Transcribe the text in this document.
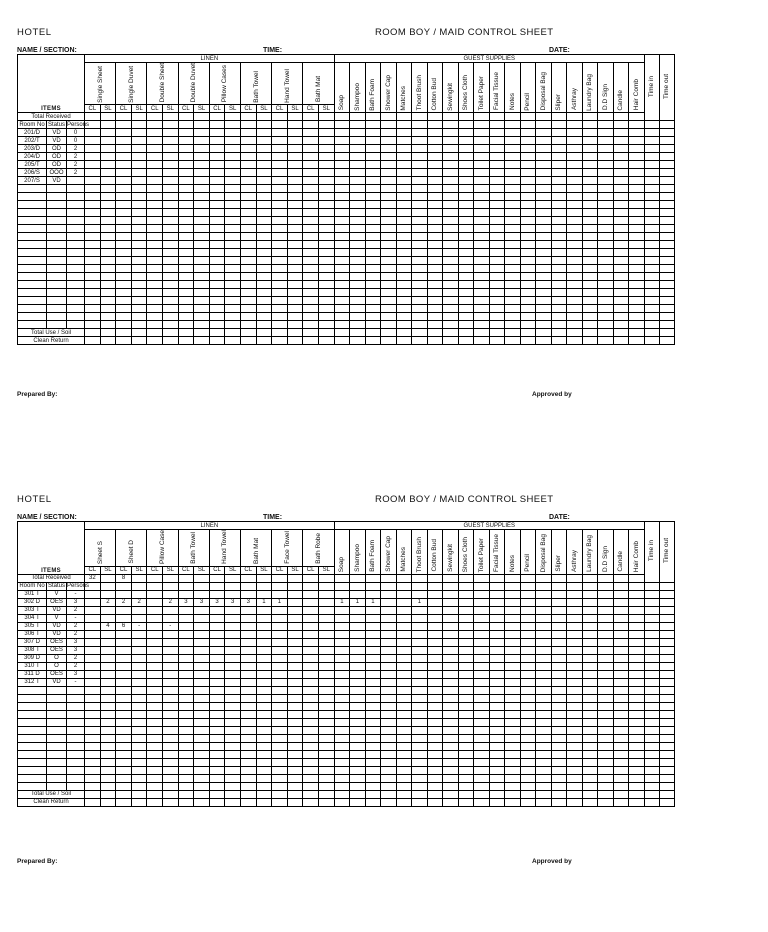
HOTEL	ROOM BOY / MAID CONTROL SHEET
NAME / SECTION:	TIME:	DATE:
ITEMS			LINEN																GUEST SUPPLIES																				Time in	Time out
			Single Sheet		Single Duvet		Double Sheet		Double Duvet		Pillow Cases		Bath Towel		Hand Towel		Bath Mat		Soap	Shampoo	Bath Foam	Shower Cap	Matches	Thoot Brush	Cotton Bud	Sewingkit	Shoes Cloth	Toilet Paper	Facial Tissue	Notes	Pencil	Disposal Bag	Sliper	Asthray	Laundry Bag	D.D Sign	Candle	Hair Comb		
			CL	SL	CL	SL	CL	SL	CL	SL	CL	SL	CL	SL	CL	SL	CL	SL																						
Total Received																																								
Room No	Status	Persons																																						
201/D	VD	0																																						
202/T	VD	0																																						
203/D	OD	2																																						
204/D	OD	2																																						
205/T	OD	2																																						
206/S	OOO	2																																						
207/S	VD																																							

Total Use / Soil																																								
Clean Return																																								
Prepared By:	Approved by
HOTEL	ROOM BOY / MAID CONTROL SHEET
NAME / SECTION:	TIME:	DATE:
ITEMS			LINEN																GUEST SUPPLIES																				Time in	Time out
			Sheet S		Sheet D		Pillow Case		Bath Towel		Hand Towel		Bath Mat		Face Towel		Bath Robe		Soap	Shampoo	Bath Foam	Shower Cap	Matches	Thoot Brush	Cotton Bud	Sewingkit	Shoes Cloth	Toilet Paper	Facial Tissue	Notes	Pencil	Disposal Bag	Sliper	Asthray	Laundry Bag	D.D Sign	Candle	Hair Comb		
			CL	SL	CL	SL	CL	SL	CL	SL	CL	SL	CL	SL	CL	SL	CL	SL																						
Total Received			32		8																																			
Room No	Status	Persons																																						
301 T	V	-																																						
302 D	OES	3		2	2	2		2	3	3	3	3	3	1	1				1	1	1			1																
303 T	VD	2																																						
304 T	V	-																																						
305 T	VD	2		4	6	-		-																																
306 T	VD	2																																						
307 D	OES	3																																						
308 T	OES	3																																						
309 D	O	2																																						
310 T	O	2																																						
311 D	OES	3																																						
312 T	VD	-																																						

Total Use / Soil																																								
Clean Return																																								
Prepared By:	Approved by
